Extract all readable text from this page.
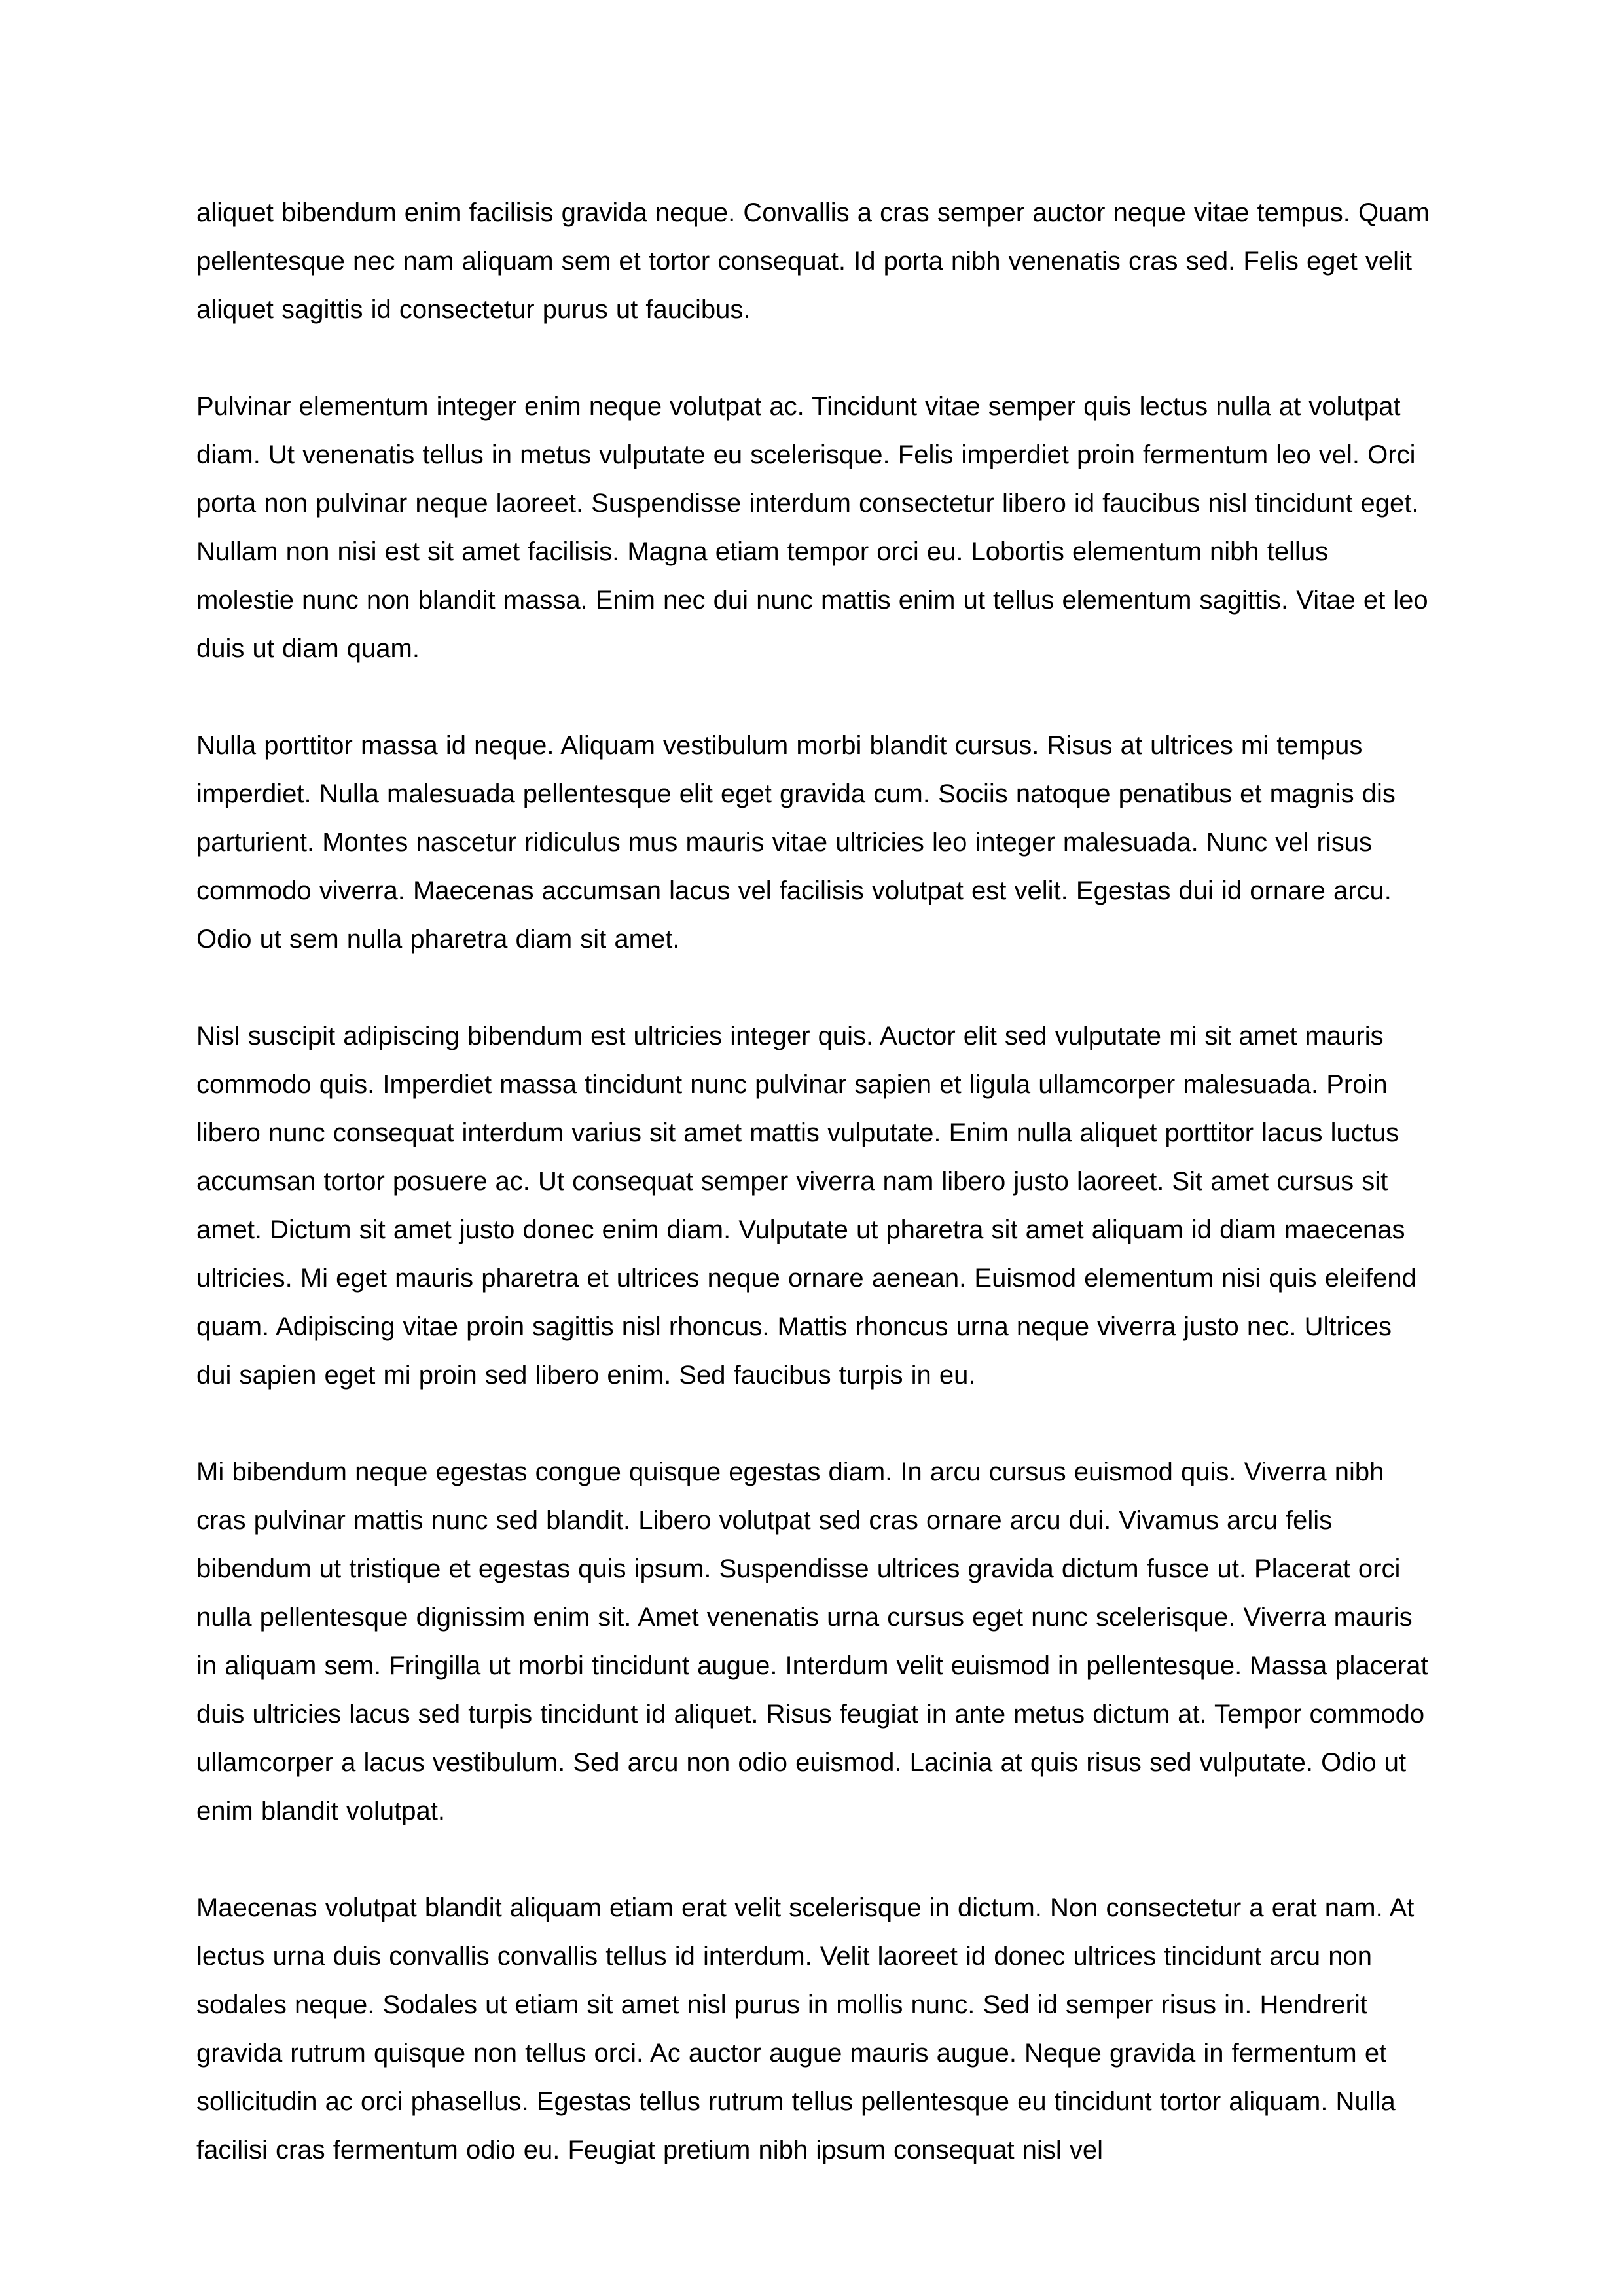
aliquet bibendum enim facilisis gravida neque. Convallis a cras semper auctor neque vitae tempus. Quam pellentesque nec nam aliquam sem et tortor consequat. Id porta nibh venenatis cras sed. Felis eget velit aliquet sagittis id consectetur purus ut faucibus.

Pulvinar elementum integer enim neque volutpat ac. Tincidunt vitae semper quis lectus nulla at volutpat diam. Ut venenatis tellus in metus vulputate eu scelerisque. Felis imperdiet proin fermentum leo vel. Orci porta non pulvinar neque laoreet. Suspendisse interdum consectetur libero id faucibus nisl tincidunt eget. Nullam non nisi est sit amet facilisis. Magna etiam tempor orci eu. Lobortis elementum nibh tellus molestie nunc non blandit massa. Enim nec dui nunc mattis enim ut tellus elementum sagittis. Vitae et leo duis ut diam quam.

Nulla porttitor massa id neque. Aliquam vestibulum morbi blandit cursus. Risus at ultrices mi tempus imperdiet. Nulla malesuada pellentesque elit eget gravida cum. Sociis natoque penatibus et magnis dis parturient. Montes nascetur ridiculus mus mauris vitae ultricies leo integer malesuada. Nunc vel risus commodo viverra. Maecenas accumsan lacus vel facilisis volutpat est velit. Egestas dui id ornare arcu. Odio ut sem nulla pharetra diam sit amet.

Nisl suscipit adipiscing bibendum est ultricies integer quis. Auctor elit sed vulputate mi sit amet mauris commodo quis. Imperdiet massa tincidunt nunc pulvinar sapien et ligula ullamcorper malesuada. Proin libero nunc consequat interdum varius sit amet mattis vulputate. Enim nulla aliquet porttitor lacus luctus accumsan tortor posuere ac. Ut consequat semper viverra nam libero justo laoreet. Sit amet cursus sit amet. Dictum sit amet justo donec enim diam. Vulputate ut pharetra sit amet aliquam id diam maecenas ultricies. Mi eget mauris pharetra et ultrices neque ornare aenean. Euismod elementum nisi quis eleifend quam. Adipiscing vitae proin sagittis nisl rhoncus. Mattis rhoncus urna neque viverra justo nec. Ultrices dui sapien eget mi proin sed libero enim. Sed faucibus turpis in eu.

Mi bibendum neque egestas congue quisque egestas diam. In arcu cursus euismod quis. Viverra nibh cras pulvinar mattis nunc sed blandit. Libero volutpat sed cras ornare arcu dui. Vivamus arcu felis bibendum ut tristique et egestas quis ipsum. Suspendisse ultrices gravida dictum fusce ut. Placerat orci nulla pellentesque dignissim enim sit. Amet venenatis urna cursus eget nunc scelerisque. Viverra mauris in aliquam sem. Fringilla ut morbi tincidunt augue. Interdum velit euismod in pellentesque. Massa placerat duis ultricies lacus sed turpis tincidunt id aliquet. Risus feugiat in ante metus dictum at. Tempor commodo ullamcorper a lacus vestibulum. Sed arcu non odio euismod. Lacinia at quis risus sed vulputate. Odio ut enim blandit volutpat.

Maecenas volutpat blandit aliquam etiam erat velit scelerisque in dictum. Non consectetur a erat nam. At lectus urna duis convallis convallis tellus id interdum. Velit laoreet id donec ultrices tincidunt arcu non sodales neque. Sodales ut etiam sit amet nisl purus in mollis nunc. Sed id semper risus in. Hendrerit gravida rutrum quisque non tellus orci. Ac auctor augue mauris augue. Neque gravida in fermentum et sollicitudin ac orci phasellus. Egestas tellus rutrum tellus pellentesque eu tincidunt tortor aliquam. Nulla facilisi cras fermentum odio eu. Feugiat pretium nibh ipsum consequat nisl vel
